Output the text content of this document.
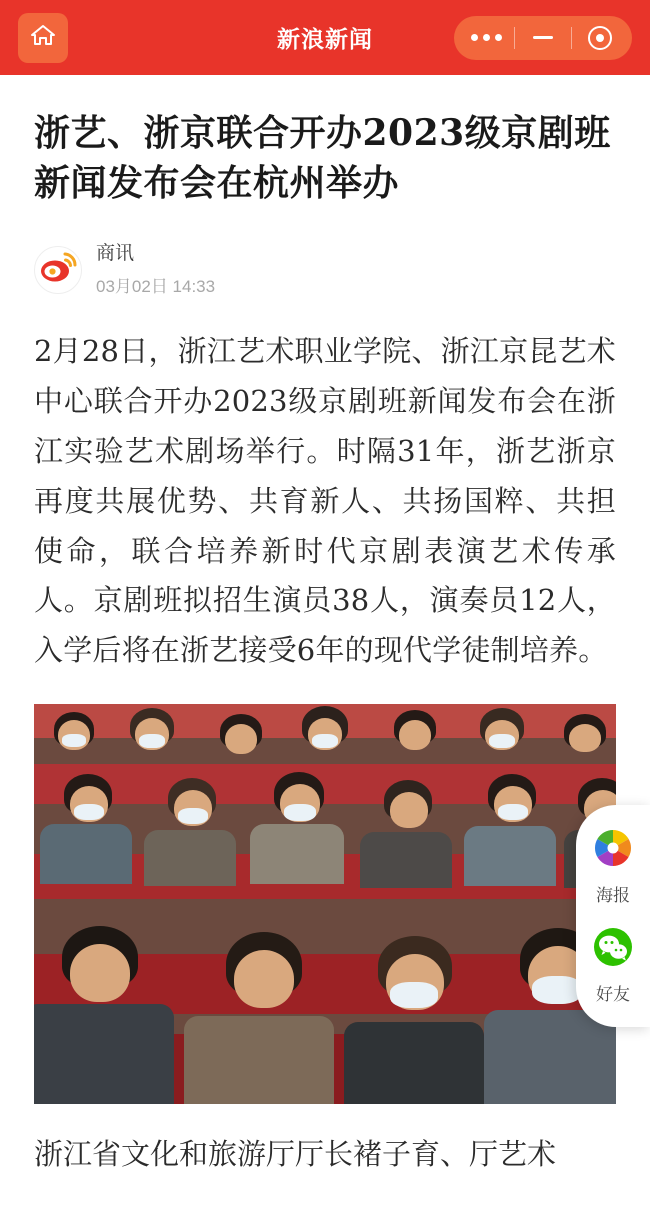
新浪新闻
浙艺、浙京联合开办2023级京剧班新闻发布会在杭州举办
商讯
03月02日 14:33

2月28日，浙江艺术职业学院、浙江京昆艺术中心联合开办2023级京剧班新闻发布会在浙江实验艺术剧场举行。时隔31年，浙艺浙京再度共展优势、共育新人、共扬国粹、共担使命，联合培养新时代京剧表演艺术传承人。京剧班拟招生演员38人，演奏员12人，入学后将在浙艺接受6年的现代学徒制培养。

浙江省文化和旅游厅厅长褚子育、厅艺术
海报
好友
